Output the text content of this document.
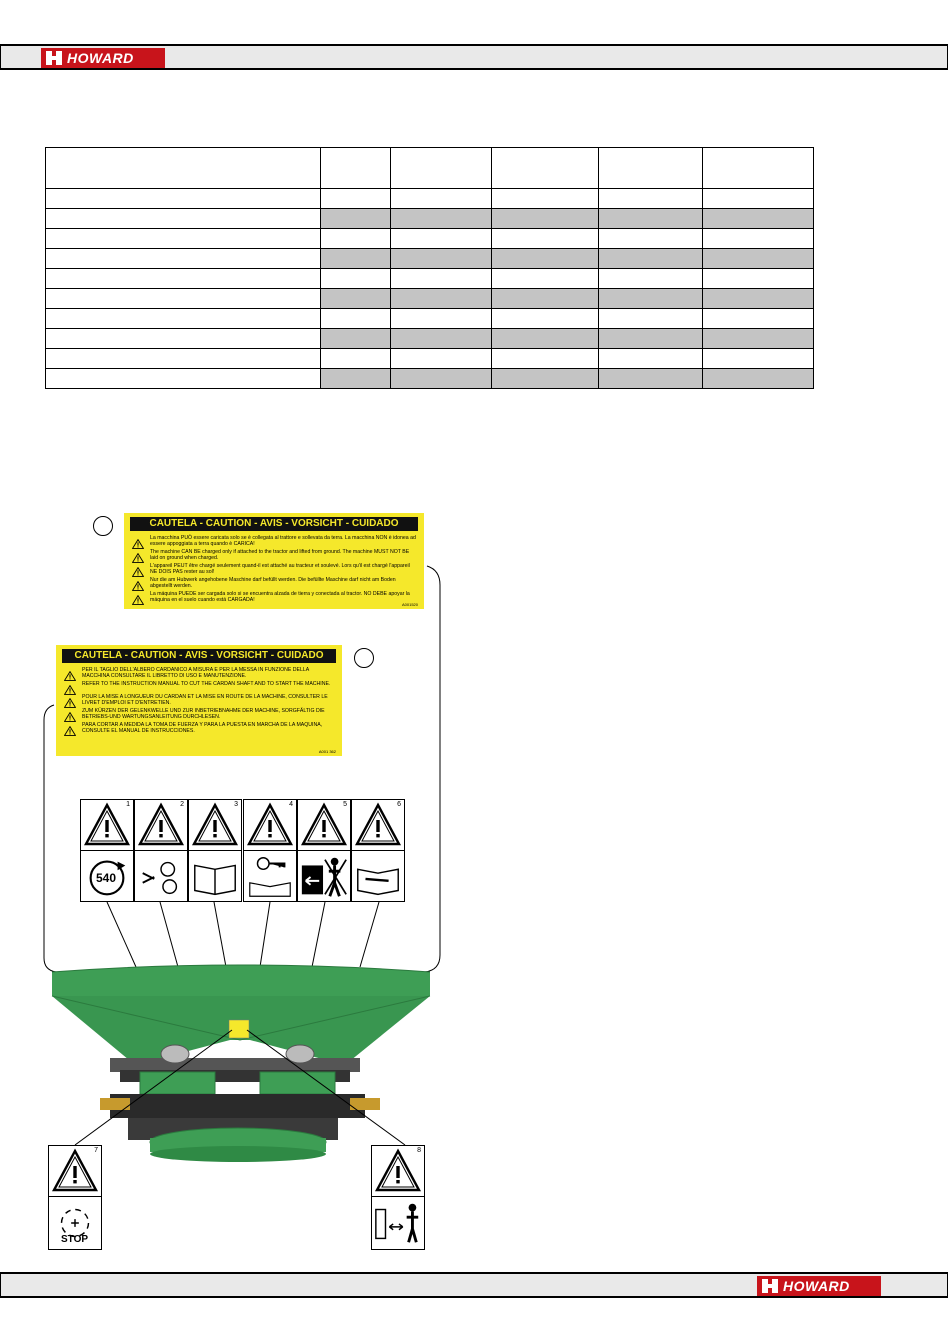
HOWARD

CAUTELA - CAUTION - AVIS - VORSICHT - CUIDADO
La macchina PUÒ essere caricata solo se è collegata al trattore e sollevata da terra. La macchina NON è idonea ad essere appoggiata a terra quando è CARICA!
The machine CAN BE charged only if attached to the tractor and lifted from ground. The machine MUST NOT BE laid on ground when charged.
L'appareil PEUT être chargé seulement quand-il est attaché au tracteur et soulevé. Lors qu'il est chargé l'appareil NE DOIS PAS rester au sol!
Nur die am Hubwerk angehobene Maschine darf befüllt werden. Die befüllte Maschine darf nicht am Boden abgestellt werden.
La máquina PUEDE ser cargada solo si se encuentra alzada de tierra y conectada al tractor. NO DEBE apoyar la máquina en el suelo cuando está CARGADA!
A001520
CAUTELA - CAUTION - AVIS - VORSICHT - CUIDADO
PER IL TAGLIO DELL'ALBERO CARDANICO A MISURA E PER LA MESSA IN FUNZIONE DELLA MACCHINA CONSULTARE IL LIBRETTO DI USO E MANUTENZIONE.
REFER TO THE INSTRUCTION MANUAL TO CUT THE CARDAN SHAFT AND TO START THE MACHINE.
POUR LA MISE A LONGUEUR DU CARDAN ET LA MISE EN ROUTE DE LA MACHINE, CONSULTER LE LIVRET D'EMPLOI ET D'ENTRETIEN.
ZUM KÜRZEN DER GELENKWELLE UND ZUR INBETRIEBNAHME DER MACHINE, SORGFÄLTIG DIE BETRIEBS-UND WARTUNGSANLEITUNG DURCHLESEN.
PARA CORTAR A MEDIDA LA TOMA DE FUERZA Y PARA LA PUESTA EN MARCHA DE LA MAQUINA, CONSULTE EL MANUAL DE INSTRUCCIONES.
A001 362
1
540
2	3	4	5	6
7
STOP
8
HOWARD
